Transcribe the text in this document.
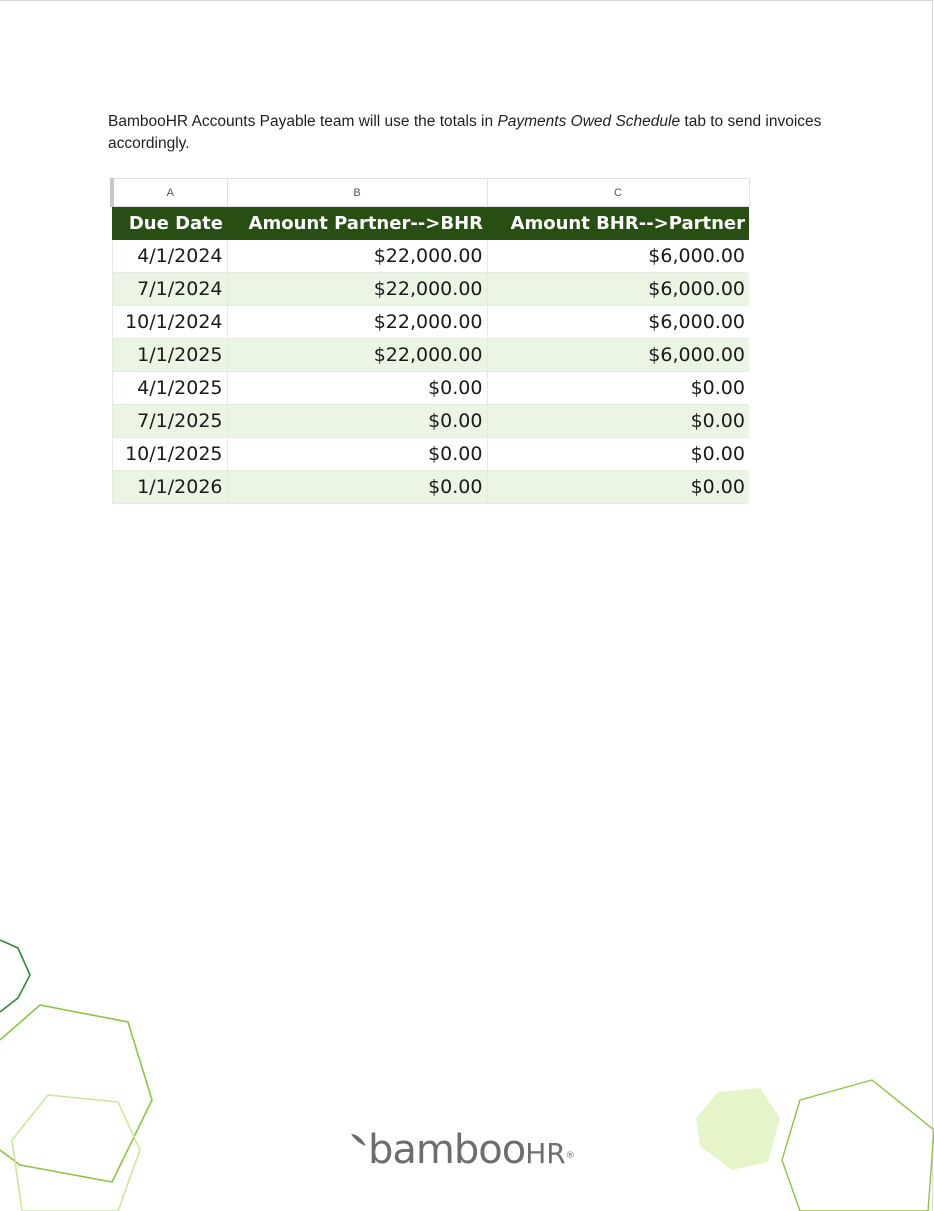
BambooHR Accounts Payable team will use the totals in Payments Owed Schedule tab to send invoices accordingly.

A	B	C
Due Date	Amount Partner-->BHR	Amount BHR-->Partner
4/1/2024	$22,000.00	$6,000.00
7/1/2024	$22,000.00	$6,000.00
10/1/2024	$22,000.00	$6,000.00
1/1/2025	$22,000.00	$6,000.00
4/1/2025	$0.00	$0.00
7/1/2025	$0.00	$0.00
10/1/2025	$0.00	$0.00
1/1/2026	$0.00	$0.00
bambooHR®
